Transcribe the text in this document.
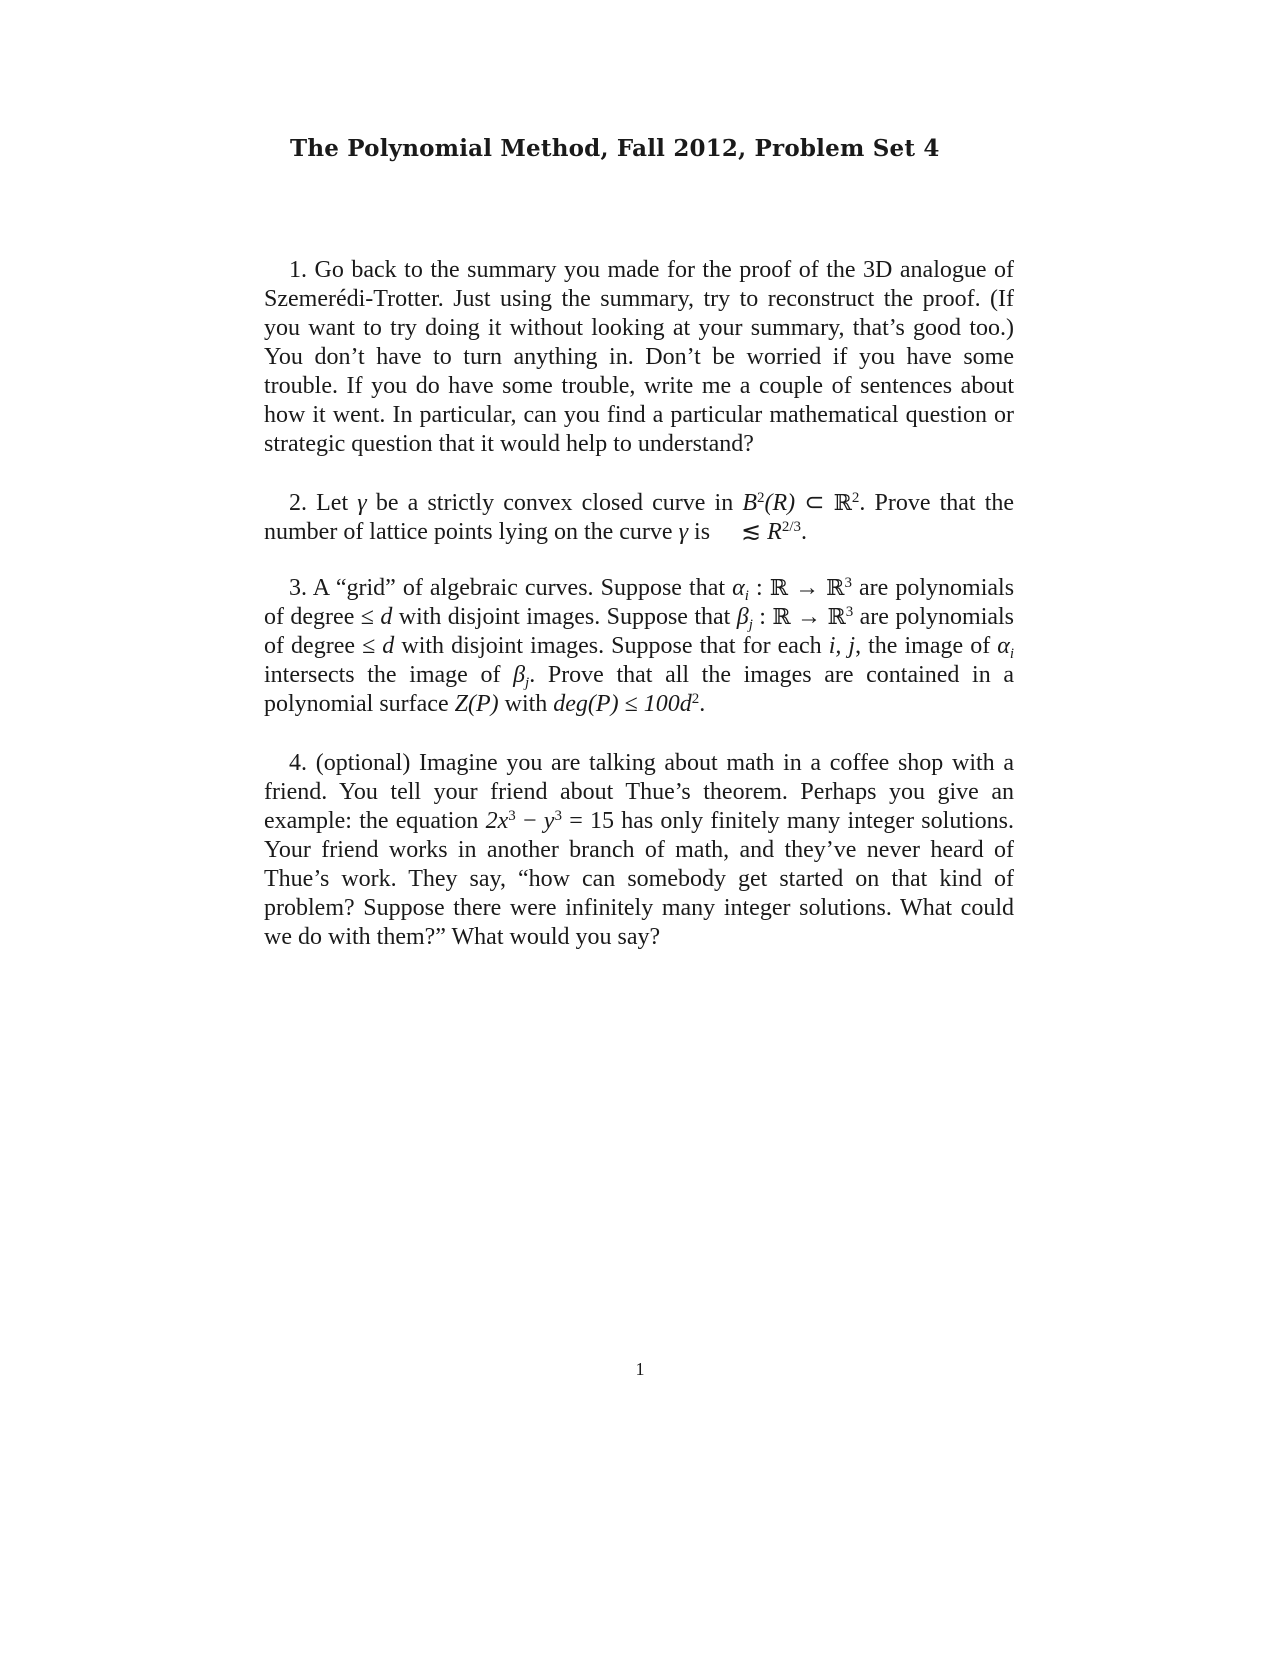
The Polynomial Method, Fall 2012, Problem Set 4

1. Go back to the summary you made for the proof of the 3D analogue of Szemerédi-Trotter. Just using the summary, try to reconstruct the proof. (If you want to try doing it without looking at your summary, that’s good too.) You don’t have to turn anything in. Don’t be worried if you have some trouble. If you do have some trouble, write me a couple of sentences about how it went. In particular, can you find a particular mathematical question or strategic question that it would help to understand?

2. Let γ be a strictly convex closed curve in $B^2(R)$ ⊂ ℝ$^2$. Prove that the number of lattice points lying on the curve γ is ≲ $R^{2/3}$.

3. A “grid” of algebraic curves. Suppose that $\alpha_i$ : ℝ → ℝ$^3$ are polynomials of degree ≤ d with disjoint images. Suppose that $\beta_j$ : ℝ → ℝ$^3$ are polynomials of degree ≤ d with disjoint images. Suppose that for each i, j, the image of $\alpha_i$ intersects the image of $\beta_j$. Prove that all the images are contained in a polynomial surface Z(P) with $deg(P) \le 100d^2$.

4. (optional) Imagine you are talking about math in a coffee shop with a friend. You tell your friend about Thue’s theorem. Perhaps you give an example: the equation $2x^3 - y^3 = 15$ has only finitely many integer solutions. Your friend works in another branch of math, and they’ve never heard of Thue’s work. They say, “how can somebody get started on that kind of problem? Suppose there were infinitely many integer solutions. What could we do with them?” What would you say?

1
